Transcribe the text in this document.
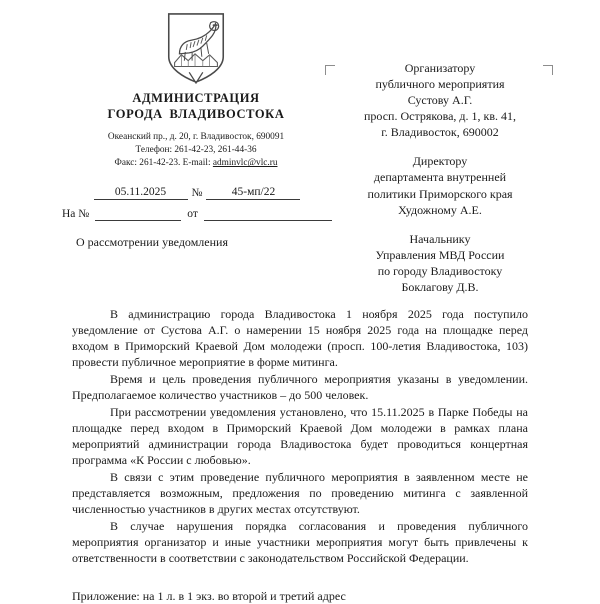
АДМИНИСТРАЦИЯ
ГОРОДА ВЛАДИВОСТОКА
Океанский пр., д. 20, г. Владивосток, 690091
Телефон: 261-42-23, 261-44-36
Факс: 261-42-23. E-mail: adminvlc@vlc.ru
05.11.2025	№	45-мп/22
На №	от
О рассмотрении уведомления
Организатору
публичного мероприятия
Сустову А.Г.
просп. Острякова, д. 1, кв. 41,
г. Владивосток, 690002
Директору
департамента внутренней
политики Приморского края
Художному А.Е.
Начальнику
Управления МВД России
по городу Владивостоку
Боклагову Д.В.

В администрацию города Владивостока 1 ноября 2025 года поступило уведомление от Сустова А.Г. о намерении 15 ноября 2025 года на площадке перед входом в Приморский Краевой Дом молодежи (просп. 100-летия Владивостока, 103) провести публичное мероприятие в форме митинга.

Время и цель проведения публичного мероприятия указаны в уведомлении. Предполагаемое количество участников – до 500 человек.

При рассмотрении уведомления установлено, что 15.11.2025 в Парке Победы на площадке перед входом в Приморский Краевой Дом молодежи в рамках плана мероприятий администрации города Владивостока будет проводиться концертная программа «К России с любовью».

В связи с этим проведение публичного мероприятия в заявленном месте не представляется возможным, предложения по проведению митинга с заявленной численностью участников в других местах отсутствуют.

В случае нарушения порядка согласования и проведения публичного мероприятия организатор и иные участники мероприятия могут быть привлечены к ответственности в соответствии с законодательством Российской Федерации.

Приложение: на 1 л. в 1 экз. во второй и третий адрес
